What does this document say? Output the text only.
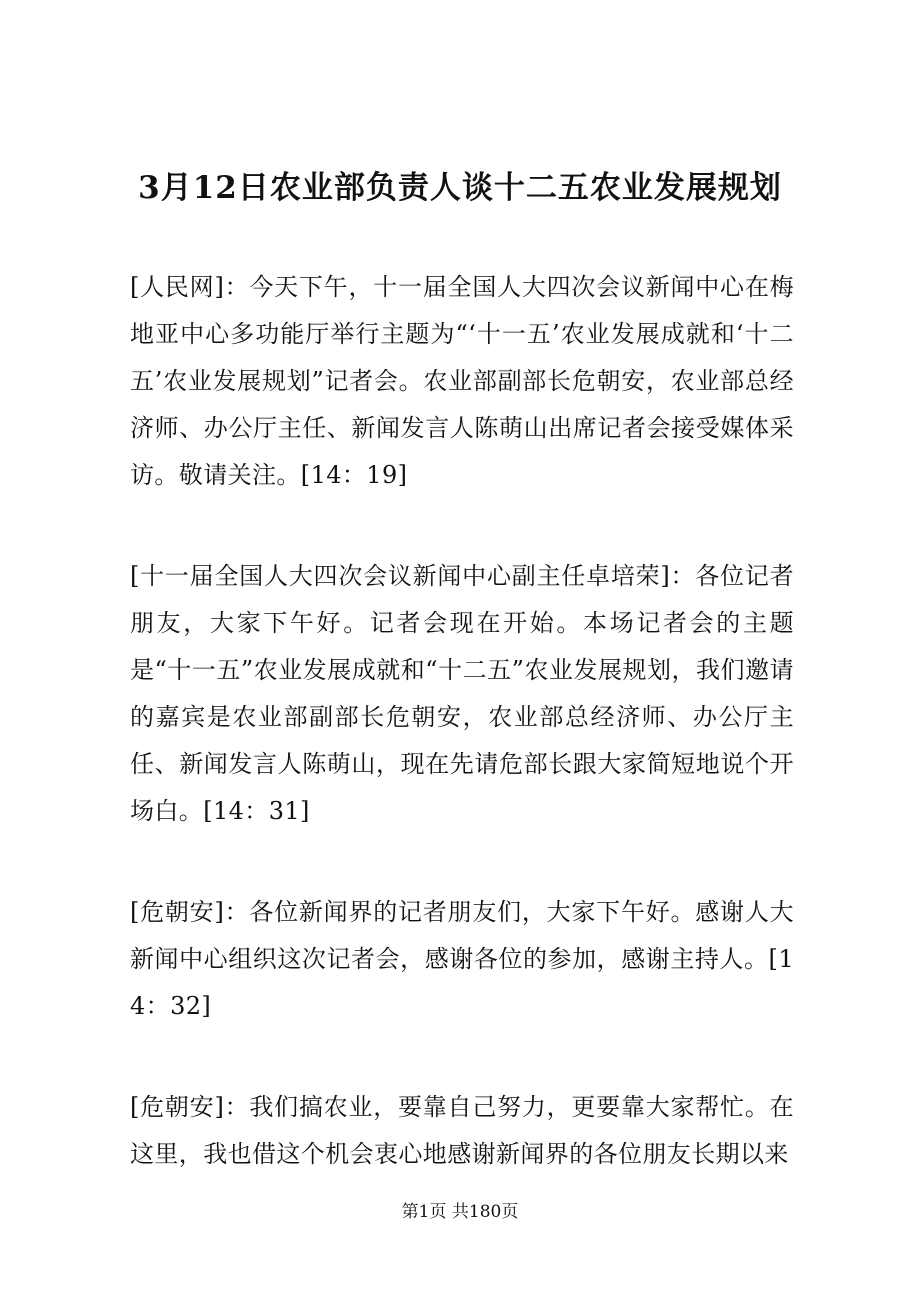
3月12日农业部负责人谈十二五农业发展规划

[人民网]：今天下午，十一届全国人大四次会议新闻中心在梅地亚中心多功能厅举行主题为“‘十一五’农业发展成就和‘十二五’农业发展规划”记者会。农业部副部长危朝安，农业部总经济师、办公厅主任、新闻发言人陈萌山出席记者会接受媒体采访。敬请关注。[14：19]

[十一届全国人大四次会议新闻中心副主任卓培荣]：各位记者朋友，大家下午好。记者会现在开始。本场记者会的主题是“十一五”农业发展成就和“十二五”农业发展规划，我们邀请的嘉宾是农业部副部长危朝安，农业部总经济师、办公厅主任、新闻发言人陈萌山，现在先请危部长跟大家简短地说个开场白。[14：31]

[危朝安]：各位新闻界的记者朋友们，大家下午好。感谢人大新闻中心组织这次记者会，感谢各位的参加，感谢主持人。[14：32]

[危朝安]：我们搞农业，要靠自己努力，更要靠大家帮忙。在这里，我也借这个机会衷心地感谢新闻界的各位朋友长期以来

第1页 共180页
